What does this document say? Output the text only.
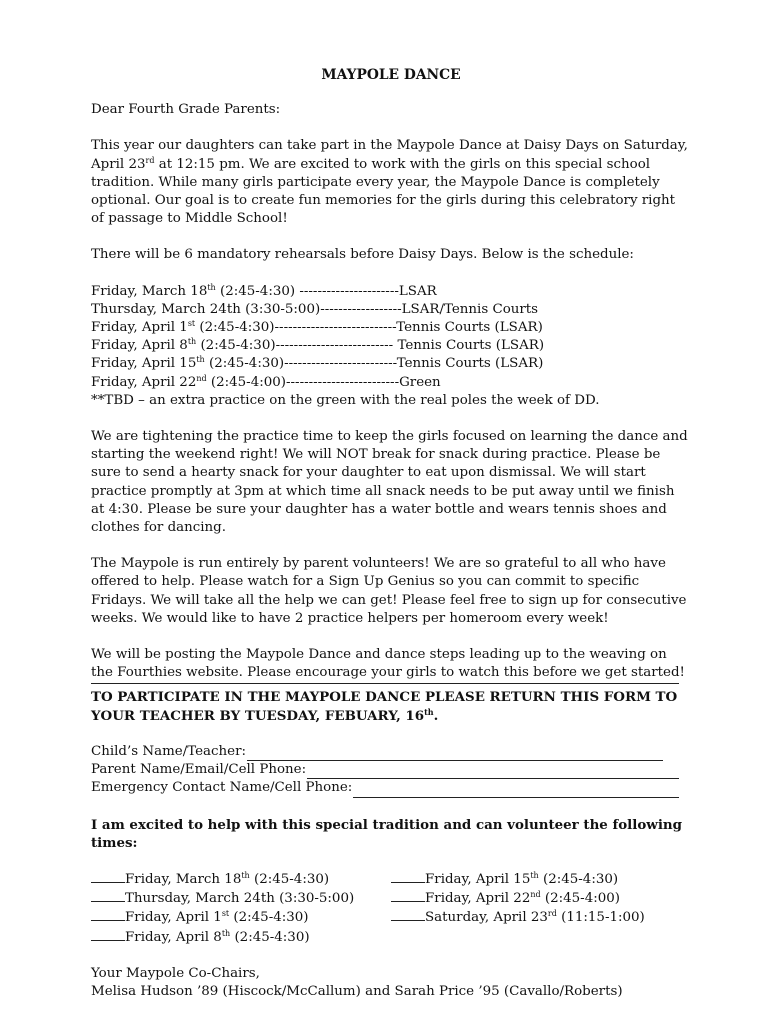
MAYPOLE DANCE

Dear Fourth Grade Parents:

This year our daughters can take part in the Maypole Dance at Daisy Days on Saturday, April 23rd at 12:15 pm. We are excited to work with the girls on this special school tradition. While many girls participate every year, the Maypole Dance is completely optional. Our goal is to create fun memories for the girls during this celebratory right of passage to Middle School!

There will be 6 mandatory rehearsals before Daisy Days. Below is the schedule:

Friday, March 18th (2:45-4:30) ----------------------LSAR

Thursday, March 24th (3:30-5:00)------------------LSAR/Tennis Courts

Friday, April 1st (2:45-4:30)---------------------------Tennis Courts (LSAR)

Friday, April 8th (2:45-4:30)-------------------------- Tennis Courts (LSAR)

Friday, April 15th (2:45-4:30)-------------------------Tennis Courts (LSAR)

Friday, April 22nd (2:45-4:00)-------------------------Green

**TBD – an extra practice on the green with the real poles the week of DD.

We are tightening the practice time to keep the girls focused on learning the dance and starting the weekend right! We will NOT break for snack during practice. Please be sure to send a hearty snack for your daughter to eat upon dismissal. We will start practice promptly at 3pm at which time all snack needs to be put away until we finish at 4:30. Please be sure your daughter has a water bottle and wears tennis shoes and clothes for dancing.

The Maypole is run entirely by parent volunteers! We are so grateful to all who have offered to help. Please watch for a Sign Up Genius so you can commit to specific Fridays. We will take all the help we can get! Please feel free to sign up for consecutive weeks. We would like to have 2 practice helpers per homeroom every week!

We will be posting the Maypole Dance and dance steps leading up to the weaving on the Fourthies website. Please encourage your girls to watch this before we get started!

TO PARTICIPATE IN THE MAYPOLE DANCE PLEASE RETURN THIS FORM TO YOUR TEACHER BY TUESDAY, FEBUARY, 16th.

Child’s Name/Teacher:
Parent Name/Email/Cell Phone:
Emergency Contact Name/Cell Phone:

I am excited to help with this special tradition and can volunteer the following times:

Friday, March 18th (2:45-4:30)

Thursday, March 24th (3:30-5:00)

Friday, April 1st (2:45-4:30)

Friday, April 8th (2:45-4:30)

Friday, April 15th (2:45-4:30)

Friday, April 22nd (2:45-4:00)

Saturday, April 23rd (11:15-1:00)

Your Maypole Co-Chairs,

Melisa Hudson ’89 (Hiscock/McCallum) and Sarah Price ’95 (Cavallo/Roberts)
